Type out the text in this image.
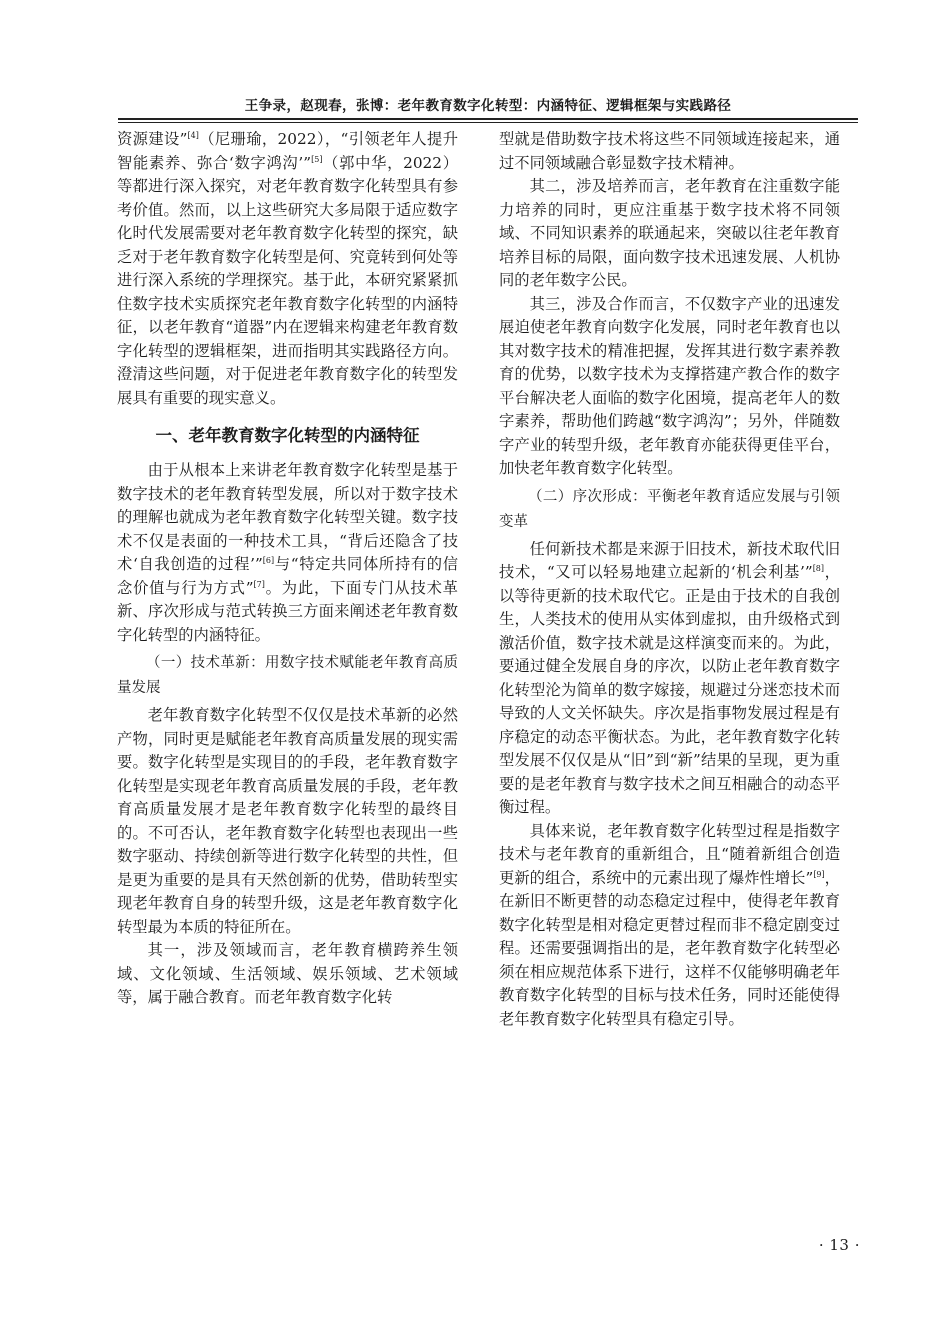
王争录，赵现春，张博：老年教育数字化转型：内涵特征、逻辑框架与实践路径

资源建设”[4]（尼珊瑜，2022），“引领老年人提升智能素养、弥合‘数字鸿沟’”[5]（郭中华，2022）等都进行深入探究，对老年教育数字化转型具有参考价值。然而，以上这些研究大多局限于适应数字化时代发展需要对老年教育数字化转型的探究，缺乏对于老年教育数字化转型是何、究竟转到何处等进行深入系统的学理探究。基于此，本研究紧紧抓住数字技术实质探究老年教育数字化转型的内涵特征，以老年教育“道器”内在逻辑来构建老年教育数字化转型的逻辑框架，进而指明其实践路径方向。澄清这些问题，对于促进老年教育数字化的转型发展具有重要的现实意义。

一、老年教育数字化转型的内涵特征

由于从根本上来讲老年教育数字化转型是基于数字技术的老年教育转型发展，所以对于数字技术的理解也就成为老年教育数字化转型关键。数字技术不仅是表面的一种技术工具，“背后还隐含了技术‘自我创造的过程’”[6]与“特定共同体所持有的信念价值与行为方式”[7]。为此，下面专门从技术革新、序次形成与范式转换三方面来阐述老年教育数字化转型的内涵特征。

（一）技术革新：用数字技术赋能老年教育高质量发展

老年教育数字化转型不仅仅是技术革新的必然产物，同时更是赋能老年教育高质量发展的现实需要。数字化转型是实现目的的手段，老年教育数字化转型是实现老年教育高质量发展的手段，老年教育高质量发展才是老年教育数字化转型的最终目的。不可否认，老年教育数字化转型也表现出一些数字驱动、持续创新等进行数字化转型的共性，但是更为重要的是具有天然创新的优势，借助转型实现老年教育自身的转型升级，这是老年教育数字化转型最为本质的特征所在。

其一，涉及领域而言，老年教育横跨养生领域、文化领域、生活领域、娱乐领域、艺术领域等，属于融合教育。而老年教育数字化转

型就是借助数字技术将这些不同领域连接起来，通过不同领域融合彰显数字技术精神。

其二，涉及培养而言，老年教育在注重数字能力培养的同时，更应注重基于数字技术将不同领域、不同知识素养的联通起来，突破以往老年教育培养目标的局限，面向数字技术迅速发展、人机协同的老年数字公民。

其三，涉及合作而言，不仅数字产业的迅速发展迫使老年教育向数字化发展，同时老年教育也以其对数字技术的精准把握，发挥其进行数字素养教育的优势，以数字技术为支撑搭建产教合作的数字平台解决老人面临的数字化困境，提高老年人的数字素养，帮助他们跨越“数字鸿沟”；另外，伴随数字产业的转型升级，老年教育亦能获得更佳平台，加快老年教育数字化转型。

（二）序次形成：平衡老年教育适应发展与引领变革

任何新技术都是来源于旧技术，新技术取代旧技术，“又可以轻易地建立起新的‘机会利基’”[8]，以等待更新的技术取代它。正是由于技术的自我创生，人类技术的使用从实体到虚拟，由升级格式到激活价值，数字技术就是这样演变而来的。为此，要通过健全发展自身的序次，以防止老年教育数字化转型沦为简单的数字嫁接，规避过分迷恋技术而导致的人文关怀缺失。序次是指事物发展过程是有序稳定的动态平衡状态。为此，老年教育数字化转型发展不仅仅是从“旧”到“新”结果的呈现，更为重要的是老年教育与数字技术之间互相融合的动态平衡过程。

具体来说，老年教育数字化转型过程是指数字技术与老年教育的重新组合，且“随着新组合创造更新的组合，系统中的元素出现了爆炸性增长”[9]，在新旧不断更替的动态稳定过程中，使得老年教育数字化转型是相对稳定更替过程而非不稳定剧变过程。还需要强调指出的是，老年教育数字化转型必须在相应规范体系下进行，这样不仅能够明确老年教育数字化转型的目标与技术任务，同时还能使得老年教育数字化转型具有稳定引导。

· 13 ·
